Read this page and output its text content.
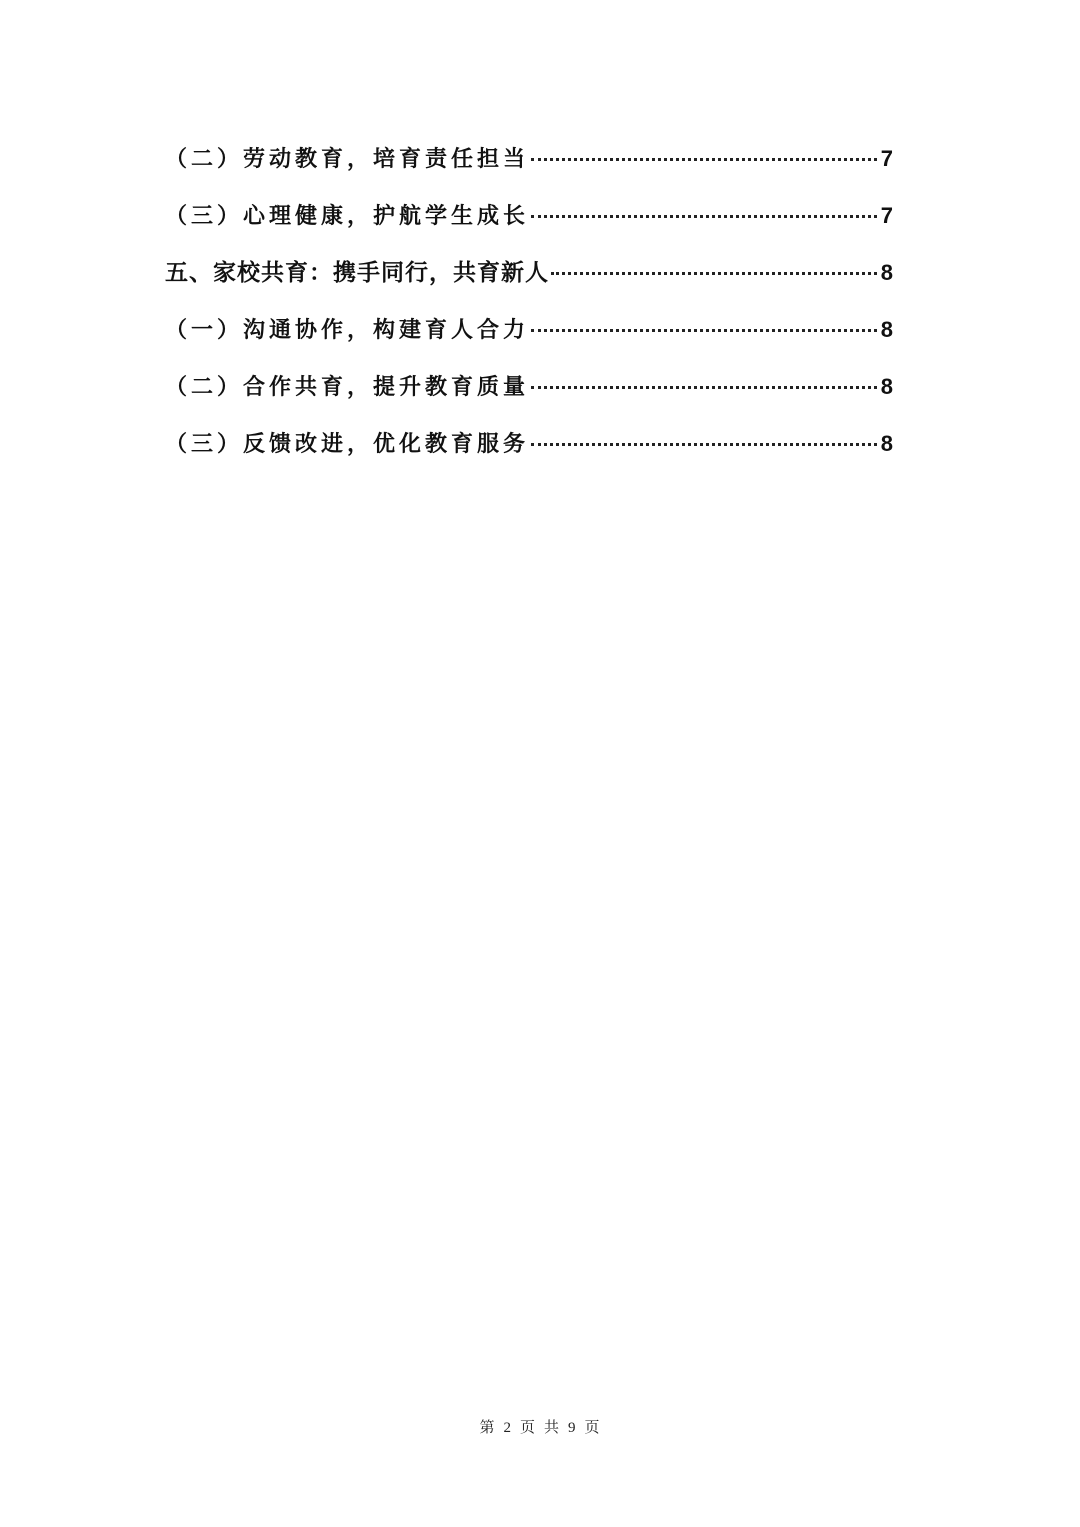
（二）劳动教育，培育责任担当	7
（三）心理健康，护航学生成长	7
五、家校共育：携手同行，共育新人	8
（一）沟通协作，构建育人合力	8
（二）合作共育，提升教育质量	8
（三）反馈改进，优化教育服务	8
第 2 页 共 9 页
